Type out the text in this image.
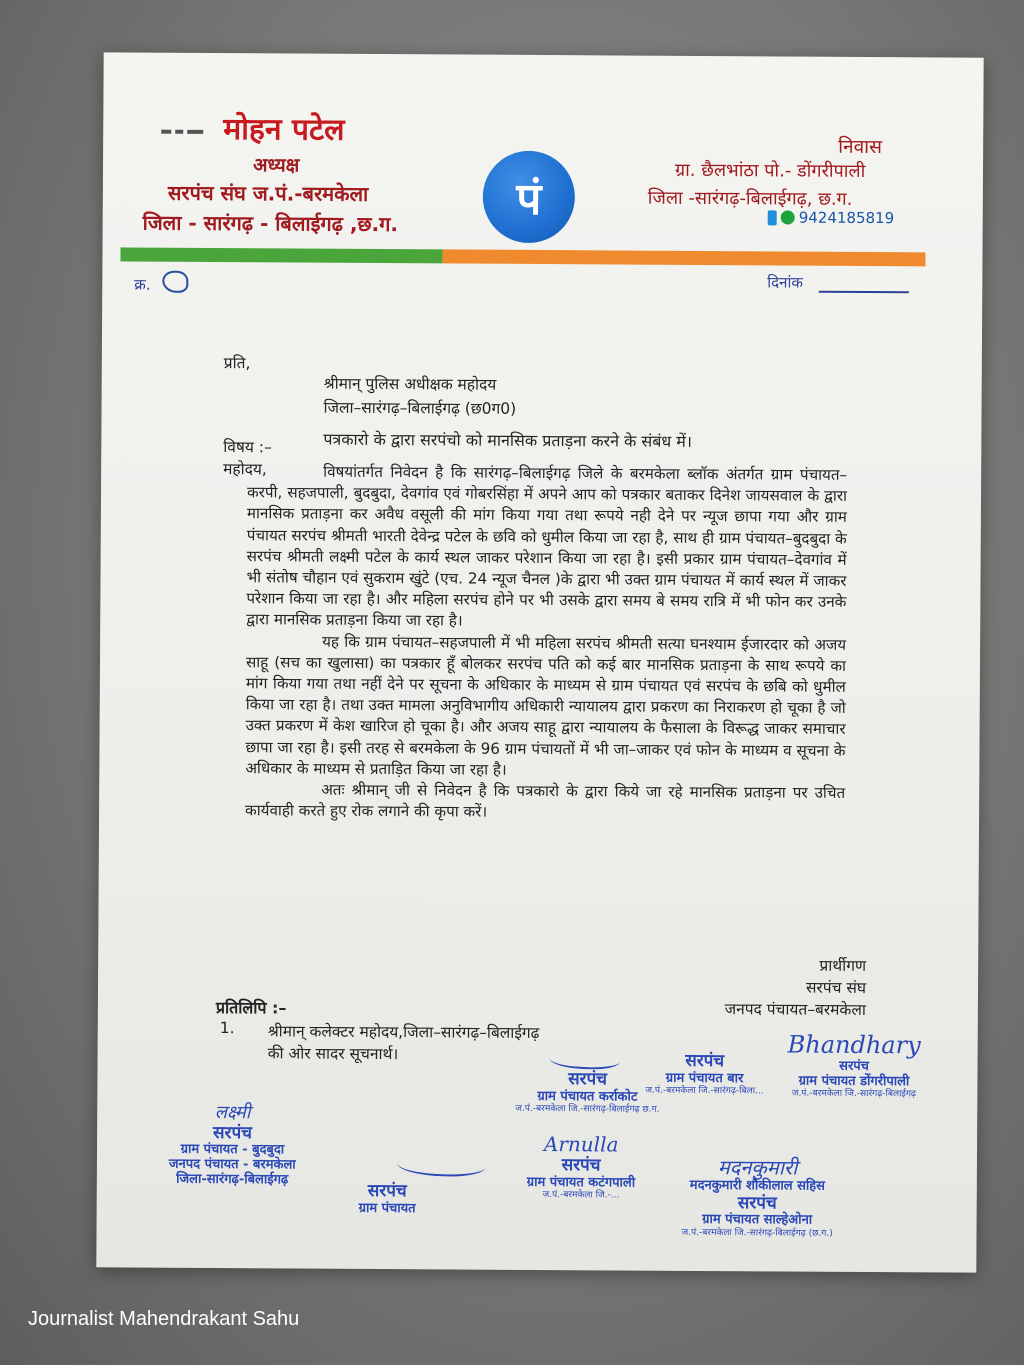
मोहन पटेल
अध्यक्ष
सरपंच संघ ज.पं.-बरमकेला
जिला - सारंगढ़ - बिलाईगढ़ ,छ.ग.	पं
निवास
ग्रा. छैलभांठा पो.- डोंगरीपाली
जिला -सारंगढ़-बिलाईगढ़, छ.ग.
9424185819
क्र.	दिनांक
प्रति,
श्रीमान् पुलिस अधीक्षक महोदय
जिला–सारंगढ़–बिलाईगढ़ (छ0ग0)
विषय :–	पत्रकारो के द्वारा सरपंचो को मानसिक प्रताड़ना करने के संबंध में।
महोदय,	विषयांतर्गत निवेदन है कि सारंगढ़–बिलाईगढ़ जिले के बरमकेला ब्लॉक अंतर्गत ग्राम पंचायत–करपी, सहजपाली, बुदबुदा, देवगांव एवं गोबरसिंहा में अपने आप को पत्रकार बताकर दिनेश जायसवाल के द्वारा मानसिक प्रताड़ना कर अवैध वसूली की मांग किया गया तथा रूपये नही देने पर न्यूज छापा गया और ग्राम पंचायत सरपंच श्रीमती भारती देवेन्द्र पटेल के छवि को धुमील किया जा रहा है, साथ ही ग्राम पंचायत–बुदबुदा के सरपंच श्रीमती लक्ष्मी पटेल के कार्य स्थल जाकर परेशान किया जा रहा है। इसी प्रकार ग्राम पंचायत–देवगांव में भी संतोष चौहान एवं सुकराम खुंटे (एच. 24 न्यूज चैनल )के द्वारा भी उक्त ग्राम पंचायत में कार्य स्थल में जाकर परेशान किया जा रहा है। और महिला सरपंच होने पर भी उसके द्वारा समय बे समय रात्रि में भी फोन कर उनके द्वारा मानसिक प्रताड़ना किया जा रहा है।

यह कि ग्राम पंचायत–सहजपाली में भी महिला सरपंच श्रीमती सत्या घनश्याम ईजारदार को अजय साहू (सच का खुलासा) का पत्रकार हूँ बोलकर सरपंच पति को कई बार मानसिक प्रताड़ना के साथ रूपये का मांग किया गया तथा नहीं देने पर सूचना के अधिकार के माध्यम से ग्राम पंचायत एवं सरपंच के छबि को धुमील किया जा रहा है। तथा उक्त मामला अनुविभागीय अधिकारी न्यायालय द्वारा प्रकरण का निराकरण हो चूका है जो उक्त प्रकरण में केश खारिज हो चूका है। और अजय साहू द्वारा न्यायालय के फैसाला के विरूद्ध जाकर समाचार छापा जा रहा है। इसी तरह से बरमकेला के 96 ग्राम पंचायतों में भी जा–जाकर एवं फोन के माध्यम व सूचना के अधिकार के माध्यम से प्रताड़ित किया जा रहा है।

अतः श्रीमान् जी से निवेदन है कि पत्रकारो के द्वारा किये जा रहे मानसिक प्रताड़ना पर उचित कार्यवाही करते हुए रोक लगाने की कृपा करें।

प्रार्थीगण
सरपंच संघ
जनपद पंचायत–बरमकेला
प्रतिलिपि :–
1. श्रीमान् कलेक्टर महोदय,जिला–सारंगढ़–बिलाईगढ़
की ओर सादर सूचनार्थ।
सरपंच
ग्राम पंचायत कर्राकोट
ज.पं.-बरमकेला जि.-सारंगढ़-बिलाईगढ़ छ.ग.
सरपंच
ग्राम पंचायत बार
ज.पं.-बरमकेला जि.-सारंगढ़-बिला...
Bhandhary
सरपंच
ग्राम पंचायत डोंगरीपाली
ज.पं.-बरमकेला जि.-सारंगढ़-बिलाईगढ़
लक्ष्मी
सरपंच
ग्राम पंचायत - बुदबुदा
जनपद पंचायत - बरमकेला
जिला-सारंगढ़-बिलाईगढ़
Arnulla
सरपंच
ग्राम पंचायत कटंगपाली
ज.पं.-बरमकेला जि.-...
सरपंच
ग्राम पंचायत
मदनकुमारी
मदनकुमारी शौकीलाल सहिस
सरपंच
ग्राम पंचायत साल्हेओना
ज.पं.-बरमकेला जि.-सारंगढ़-बिलाईगढ़ (छ.ग.)
Journalist Mahendrakant Sahu
